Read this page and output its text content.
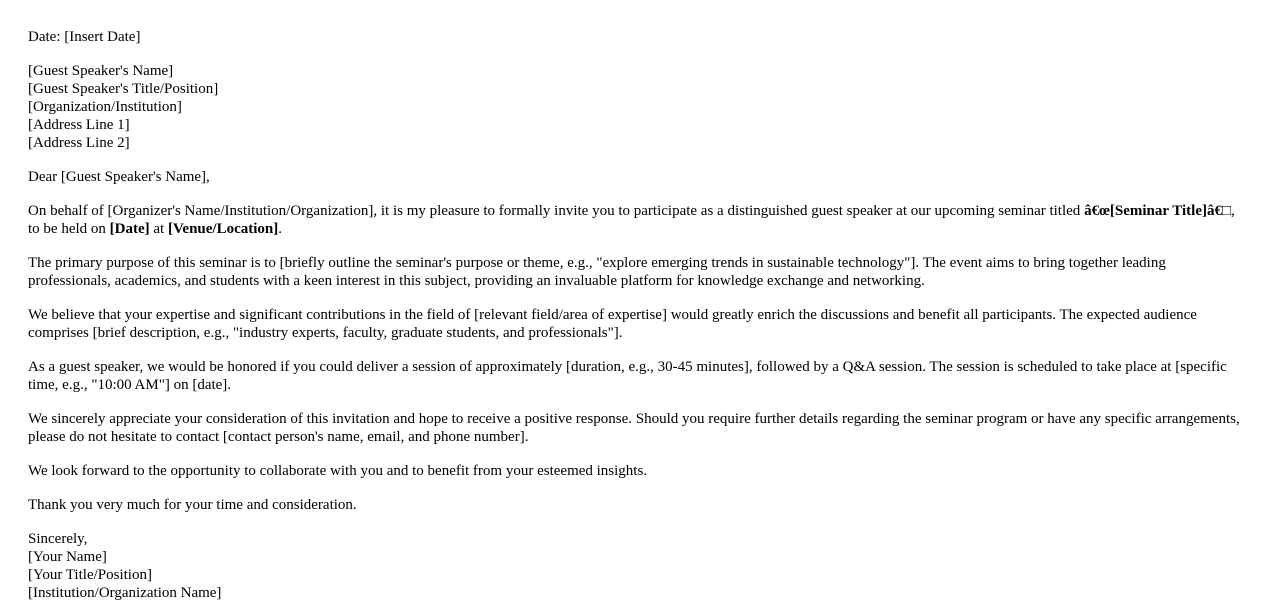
Date: [Insert Date]

[Guest Speaker's Name]
[Guest Speaker's Title/Position]
[Organization/Institution]
[Address Line 1]
[Address Line 2]

Dear [Guest Speaker's Name],

On behalf of [Organizer's Name/Institution/Organization], it is my pleasure to formally invite you to participate as a distinguished guest speaker at our upcoming seminar titled â€œ[Seminar Title]â€□, to be held on [Date] at [Venue/Location].

The primary purpose of this seminar is to [briefly outline the seminar's purpose or theme, e.g., "explore emerging trends in sustainable technology"]. The event aims to bring together leading professionals, academics, and students with a keen interest in this subject, providing an invaluable platform for knowledge exchange and networking.

We believe that your expertise and significant contributions in the field of [relevant field/area of expertise] would greatly enrich the discussions and benefit all participants. The expected audience comprises [brief description, e.g., "industry experts, faculty, graduate students, and professionals"].

As a guest speaker, we would be honored if you could deliver a session of approximately [duration, e.g., 30-45 minutes], followed by a Q&A session. The session is scheduled to take place at [specific time, e.g., "10:00 AM"] on [date].

We sincerely appreciate your consideration of this invitation and hope to receive a positive response. Should you require further details regarding the seminar program or have any specific arrangements, please do not hesitate to contact [contact person's name, email, and phone number].

We look forward to the opportunity to collaborate with you and to benefit from your esteemed insights.

Thank you very much for your time and consideration.

Sincerely,
[Your Name]
[Your Title/Position]
[Institution/Organization Name]
